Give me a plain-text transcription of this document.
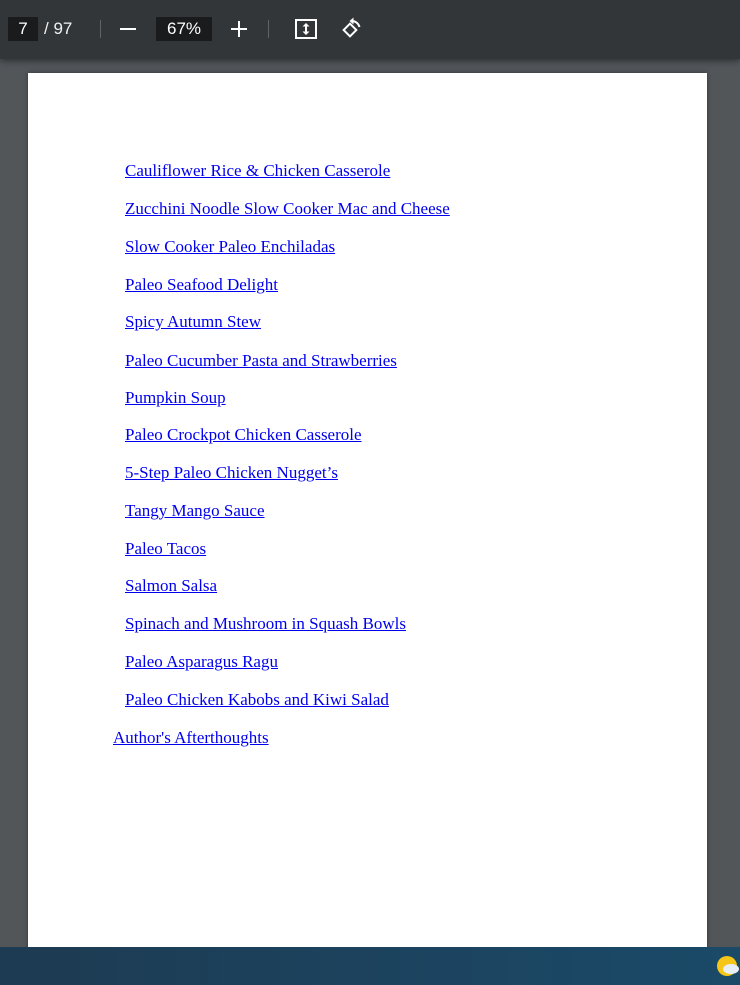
7 / 97	67%
Cauliflower Rice & Chicken Casserole
Zucchini Noodle Slow Cooker Mac and Cheese
Slow Cooker Paleo Enchiladas
Paleo Seafood Delight
Spicy Autumn Stew
Paleo Cucumber Pasta and Strawberries
Pumpkin Soup
Paleo Crockpot Chicken Casserole
5-Step Paleo Chicken Nugget’s
Tangy Mango Sauce
Paleo Tacos
Salmon Salsa
Spinach and Mushroom in Squash Bowls
Paleo Asparagus Ragu
Paleo Chicken Kabobs and Kiwi Salad
Author's Afterthoughts
